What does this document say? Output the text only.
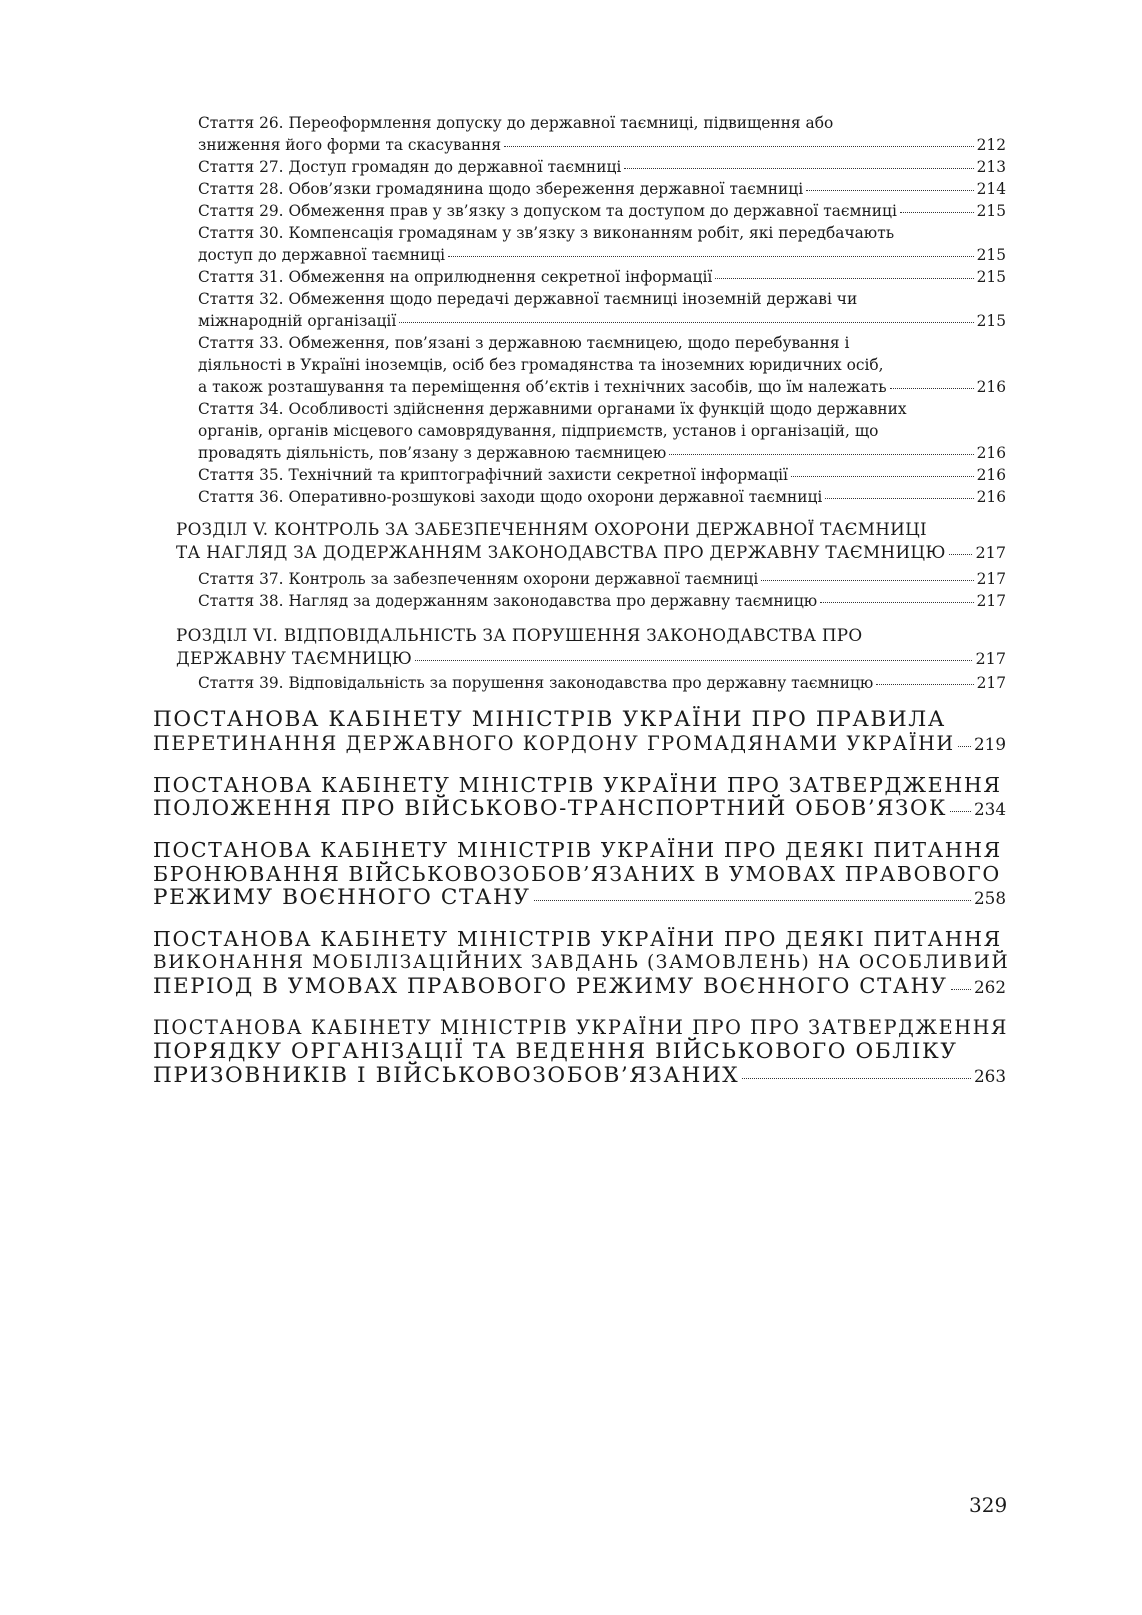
Стаття 26. Переоформлення допуску до державної таємниці, підвищення або
зниження його форми та скасування	212
Стаття 27. Доступ громадян до державної таємниці	213
Стаття 28. Обов’язки громадянина щодо збереження державної таємниці	214
Стаття 29. Обмеження прав у зв’язку з допуском та доступом до державної таємниці	215
Стаття 30. Компенсація громадянам у зв’язку з виконанням робіт, які передбачають
доступ до державної таємниці	215
Стаття 31. Обмеження на оприлюднення секретної інформації	215
Стаття 32. Обмеження щодо передачі державної таємниці іноземній державі чи
міжнародній організації	215
Стаття 33. Обмеження, пов’язані з державною таємницею, щодо перебування і
діяльності в Україні іноземців, осіб без громадянства та іноземних юридичних осіб,
а також розташування та переміщення об’єктів і технічних засобів, що їм належать	216
Стаття 34. Особливості здійснення державними органами їх функцій щодо державних
органів, органів місцевого самоврядування, підприємств, установ і організацій, що
провадять діяльність, пов’язану з державною таємницею	216
Стаття 35. Технічний та криптографічний захисти секретної інформації	216
Стаття 36. Оперативно-розшукові заходи щодо охорони державної таємниці	216
РОЗДІЛ V. КОНТРОЛЬ ЗА ЗАБЕЗПЕЧЕННЯМ ОХОРОНИ ДЕРЖАВНОЇ ТАЄМНИЦІ
ТА НАГЛЯД ЗА ДОДЕРЖАННЯМ ЗАКОНОДАВСТВА ПРО ДЕРЖАВНУ ТАЄМНИЦЮ 217
Стаття 37. Контроль за забезпеченням охорони державної таємниці	217
Стаття 38. Нагляд за додержанням законодавства про державну таємницю	217
РОЗДІЛ VI. ВІДПОВІДАЛЬНІСТЬ ЗА ПОРУШЕННЯ ЗАКОНОДАВСТВА ПРО
ДЕРЖАВНУ ТАЄМНИЦЮ	217
Стаття 39. Відповідальність за порушення законодавства про державну таємницю	217
ПОСТАНОВА КАБІНЕТУ МІНІСТРІВ УКРАЇНИ ПРО ПРАВИЛА
ПЕРЕТИНАННЯ ДЕРЖАВНОГО КОРДОНУ ГРОМАДЯНАМИ УКРАЇНИ 219
ПОСТАНОВА КАБІНЕТУ МІНІСТРІВ УКРАЇНИ ПРО ЗАТВЕРДЖЕННЯ
ПОЛОЖЕННЯ ПРО ВІЙСЬКОВО-ТРАНСПОРТНИЙ ОБОВ’ЯЗОК 234
ПОСТАНОВА КАБІНЕТУ МІНІСТРІВ УКРАЇНИ ПРО ДЕЯКІ ПИТАННЯ
БРОНЮВАННЯ ВІЙСЬКОВОЗОБОВ’ЯЗАНИХ В УМОВАХ ПРАВОВОГО
РЕЖИМУ ВОЄННОГО СТАНУ	258
ПОСТАНОВА КАБІНЕТУ МІНІСТРІВ УКРАЇНИ ПРО ДЕЯКІ ПИТАННЯ
ВИКОНАННЯ МОБІЛІЗАЦІЙНИХ ЗАВДАНЬ (ЗАМОВЛЕНЬ) НА ОСОБЛИВИЙ
ПЕРІОД В УМОВАХ ПРАВОВОГО РЕЖИМУ ВОЄННОГО СТАНУ 262
ПОСТАНОВА КАБІНЕТУ МІНІСТРІВ УКРАЇНИ ПРО ПРО ЗАТВЕРДЖЕННЯ
ПОРЯДКУ ОРГАНІЗАЦІЇ ТА ВЕДЕННЯ ВІЙСЬКОВОГО ОБЛІКУ
ПРИЗОВНИКІВ І ВІЙСЬКОВОЗОБОВ’ЯЗАНИХ	263
329
